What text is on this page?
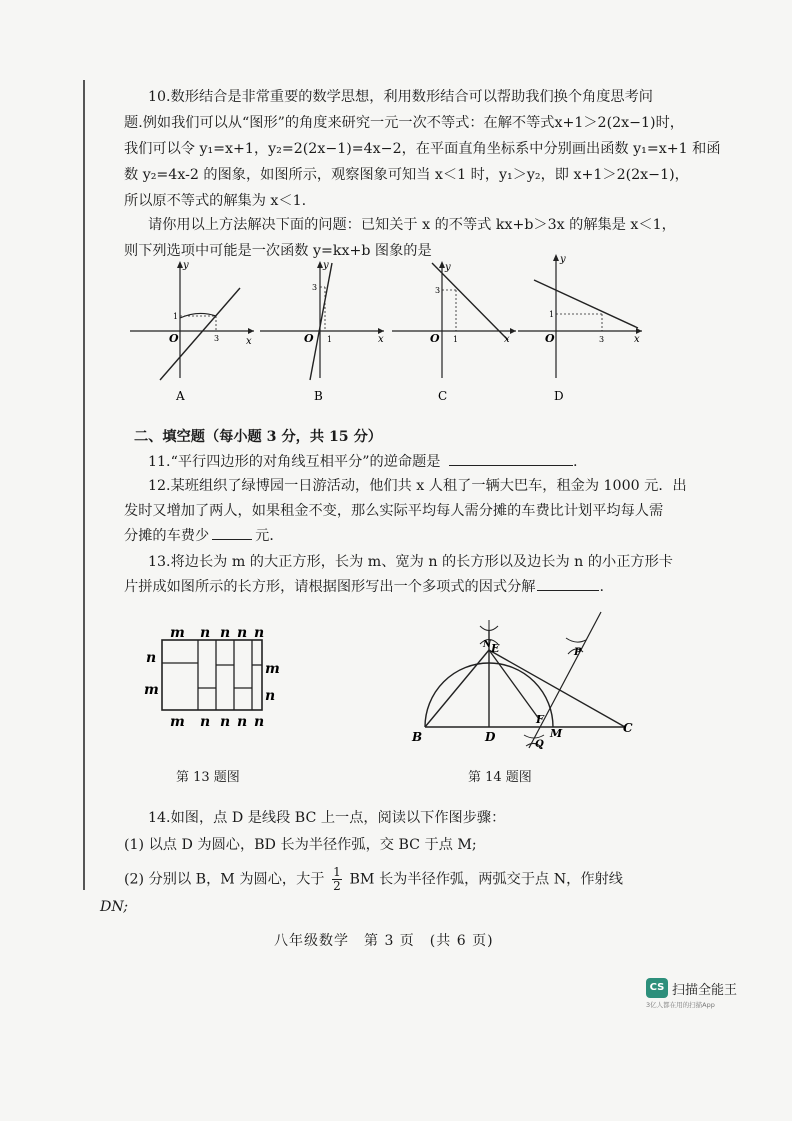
10.数形结合是非常重要的数学思想，利用数形结合可以帮助我们换个角度思考问
题.例如我们可以从“图形”的角度来研究一元一次不等式：在解不等式x+1＞2(2x−1)时，
我们可以令 y₁=x+1，y₂=2(2x−1)=4x−2，在平面直角坐标系中分别画出函数 y₁=x+1 和函
数 y₂=4x-2 的图象，如图所示，观察图象可知当 x＜1 时，y₁＞y₂，即 x+1＞2(2x−1)，
所以原不等式的解集为 x＜1.
请你用以上方法解决下面的问题：已知关于 x 的不等式 kx+b＞3x 的解集是 x＜1，
则下列选项中可能是一次函数 y=kx+b 图象的是
y
x
O
1
3
A
y
x
O
3
1
B
y
x
O
3
1
C
y
x
O
1
3
D
二、填空题（每小题 3 分，共 15 分）
11.“平行四边形的对角线互相平分”的逆命题是	.
12.某班组织了绿博园一日游活动，他们共 x 人租了一辆大巴车，租金为 1000 元．出
发时又增加了两人，如果租金不变，那么实际平均每人需分摊的车费比计划平均每人需
分摊的车费少	元．
13.将边长为 m 的大正方形，长为 m、宽为 n 的长方形以及边长为 n 的小正方形卡
片拼成如图所示的长方形，请根据图形写出一个多项式的因式分解	.
m n n n n
n
m
m
n
m n n n n
第 13 题图
B	D
E
N
F
Q
M	C
P
第 14 题图
14.如图，点 D 是线段 BC 上一点，阅读以下作图步骤：
(1) 以点 D 为圆心，BD 长为半径作弧，交 BC 于点 M;
(2) 分别以 B，M 为圆心，大于 $\frac{1}{2}$ BM 长为半径作弧，两弧交于点 N，作射线
DN;
八年级数学　第 3 页　(共 6 页)
CS 扫描全能王
3亿人都在用的扫描App
